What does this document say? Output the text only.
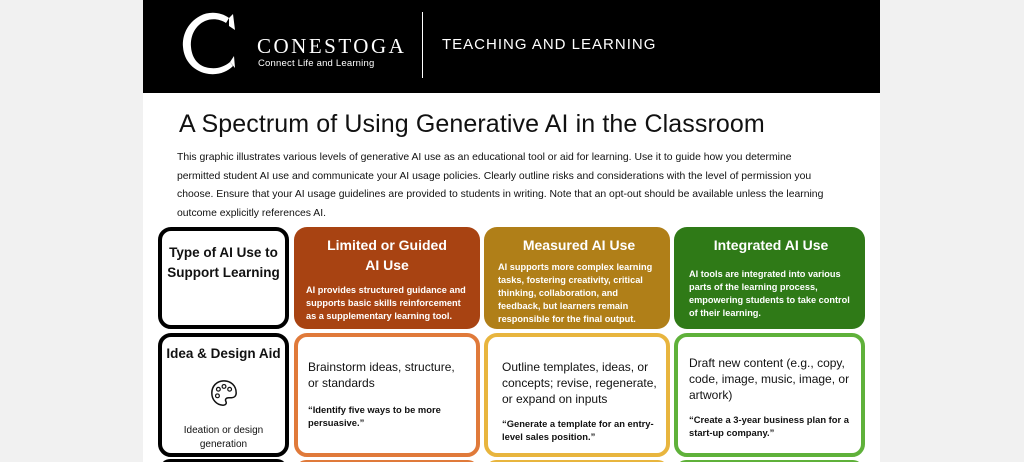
CONESTOGA
Connect Life and Learning
TEACHING AND LEARNING
A Spectrum of Using Generative AI in the Classroom

This graphic illustrates various levels of generative AI use as an educational tool or aid for learning. Use it to guide how you determine permitted student AI use and communicate your AI usage policies. Clearly outline risks and considerations with the level of permission you choose. Ensure that your AI usage guidelines are provided to students in writing. Note that an opt-out should be available unless the learning outcome explicitly references AI.

Type of AI Use to Support Learning
Limited or Guided AI Use
AI provides structured guidance and supports basic skills reinforcement as a supplementary learning tool.
Measured AI Use
AI supports more complex learning tasks, fostering creativity, critical thinking, collaboration, and feedback, but learners remain responsible for the final output.
Integrated AI Use
AI tools are integrated into various parts of the learning process, empowering students to take control of their learning.
Idea & Design Aid
Ideation or design generation
Brainstorm ideas, structure, or standards
“Identify five ways to be more persuasive.”
Outline templates, ideas, or concepts; revise, regenerate, or expand on inputs
“Generate a template for an entry-level sales position.”
Draft new content (e.g., copy, code, image, music, image, or artwork)
“Create a 3-year business plan for a start-up company.”
